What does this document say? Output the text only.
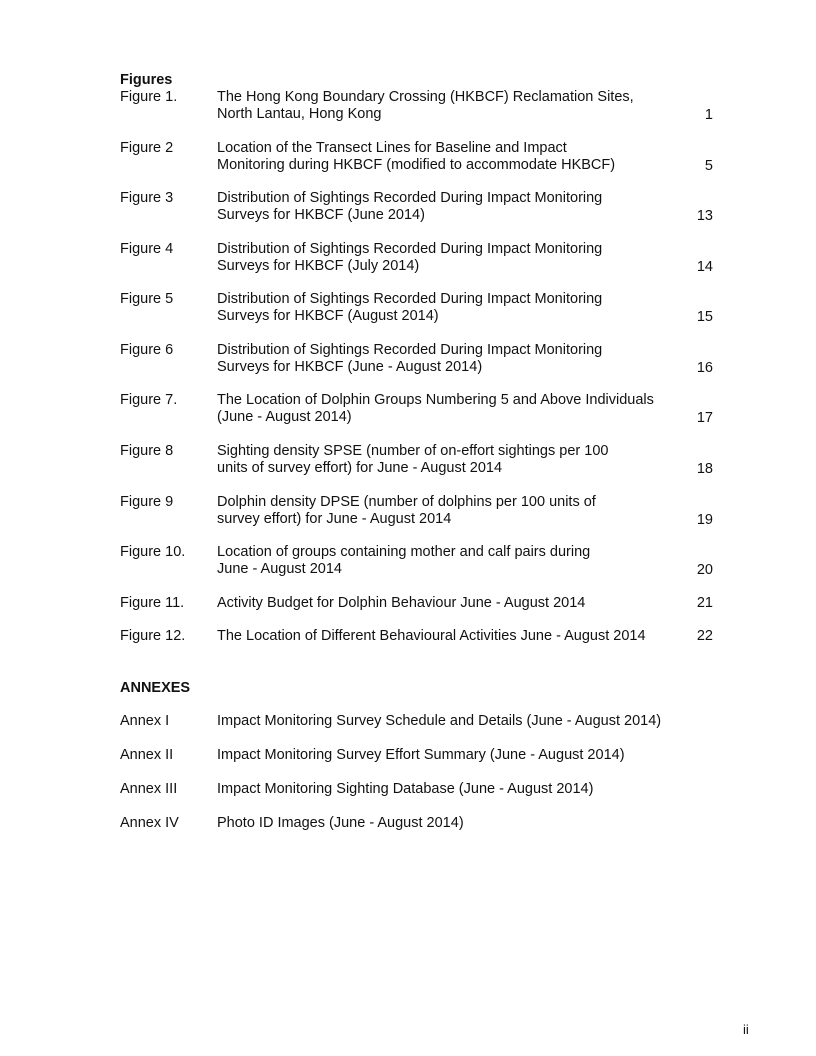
Figures
Figure 1.	The Hong Kong Boundary Crossing (HKBCF) Reclamation Sites,
North Lantau, Hong Kong	1
Figure 2	Location of the Transect Lines for Baseline and Impact
Monitoring during HKBCF (modified to accommodate HKBCF)	5
Figure 3	Distribution of Sightings Recorded During Impact Monitoring
Surveys for HKBCF (June 2014)	13
Figure 4	Distribution of Sightings Recorded During Impact Monitoring
Surveys for HKBCF (July 2014)	14
Figure 5	Distribution of Sightings Recorded During Impact Monitoring
Surveys for HKBCF (August 2014)	15
Figure 6	Distribution of Sightings Recorded During Impact Monitoring
Surveys for HKBCF (June - August 2014)	16
Figure 7.	The Location of Dolphin Groups Numbering 5 and Above Individuals
(June - August 2014)	17
Figure 8	Sighting density SPSE (number of on-effort sightings per 100
units of survey effort) for June - August 2014	18
Figure 9	Dolphin density DPSE (number of dolphins per 100 units of
survey effort) for June - August 2014	19
Figure 10. Location of groups containing mother and calf pairs during
June - August 2014	20
Figure 11. Activity Budget for Dolphin Behaviour June - August 2014	21
Figure 12. The Location of Different Behavioural Activities June - August 2014	22
ANNEXES
Annex I	Impact Monitoring Survey Schedule and Details (June - August 2014)
Annex II	Impact Monitoring Survey Effort Summary (June - August 2014)
Annex III	Impact Monitoring Sighting Database (June - August 2014)
Annex IV	Photo ID Images (June - August 2014)
ii
